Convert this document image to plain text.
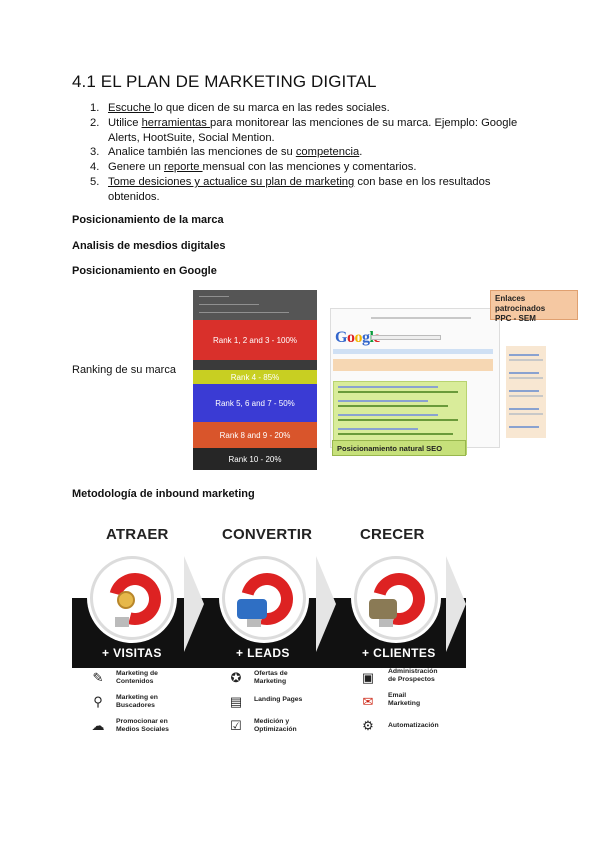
4.1 EL PLAN DE MARKETING DIGITAL
1. Escuche lo que dicen de su marca en las redes sociales.
2. Utilice herramientas para monitorear las menciones de su marca. Ejemplo: Google Alerts, HootSuite, Social Mention.
3. Analice también las menciones de su competencia.
4. Genere un reporte mensual con las menciones y comentarios.
5. Tome desiciones y actualice su plan de marketing con base en los resultados obtenidos.
Posicionamiento de la marca
Analisis de mesdios digitales
Posicionamiento en Google
Ranking de su marca
Rank 1, 2 and 3 - 100%
Rank 4 - 85%
Rank 5, 6 and 7 - 50%
Rank 8 and 9 - 20%
Rank 10 - 20%
Goog
Enlaces patrocinados
PPC - SEM
Posicionamiento natural SEO
Metodología de inbound marketing
ATRAER	CONVERTIR	CRECER
+ VISITAS	+ LEADS	+ CLIENTES
✎ Marketing de
Contenidos
⚲ Marketing en
Buscadores
☁ Promocionar en
Medios Sociales
✪ Ofertas de
Marketing
▤ Landing Pages
☑ Medición y
Optimización
▣ Administración
de Prospectos
✉ Email
Marketing
⚙ Automatización
